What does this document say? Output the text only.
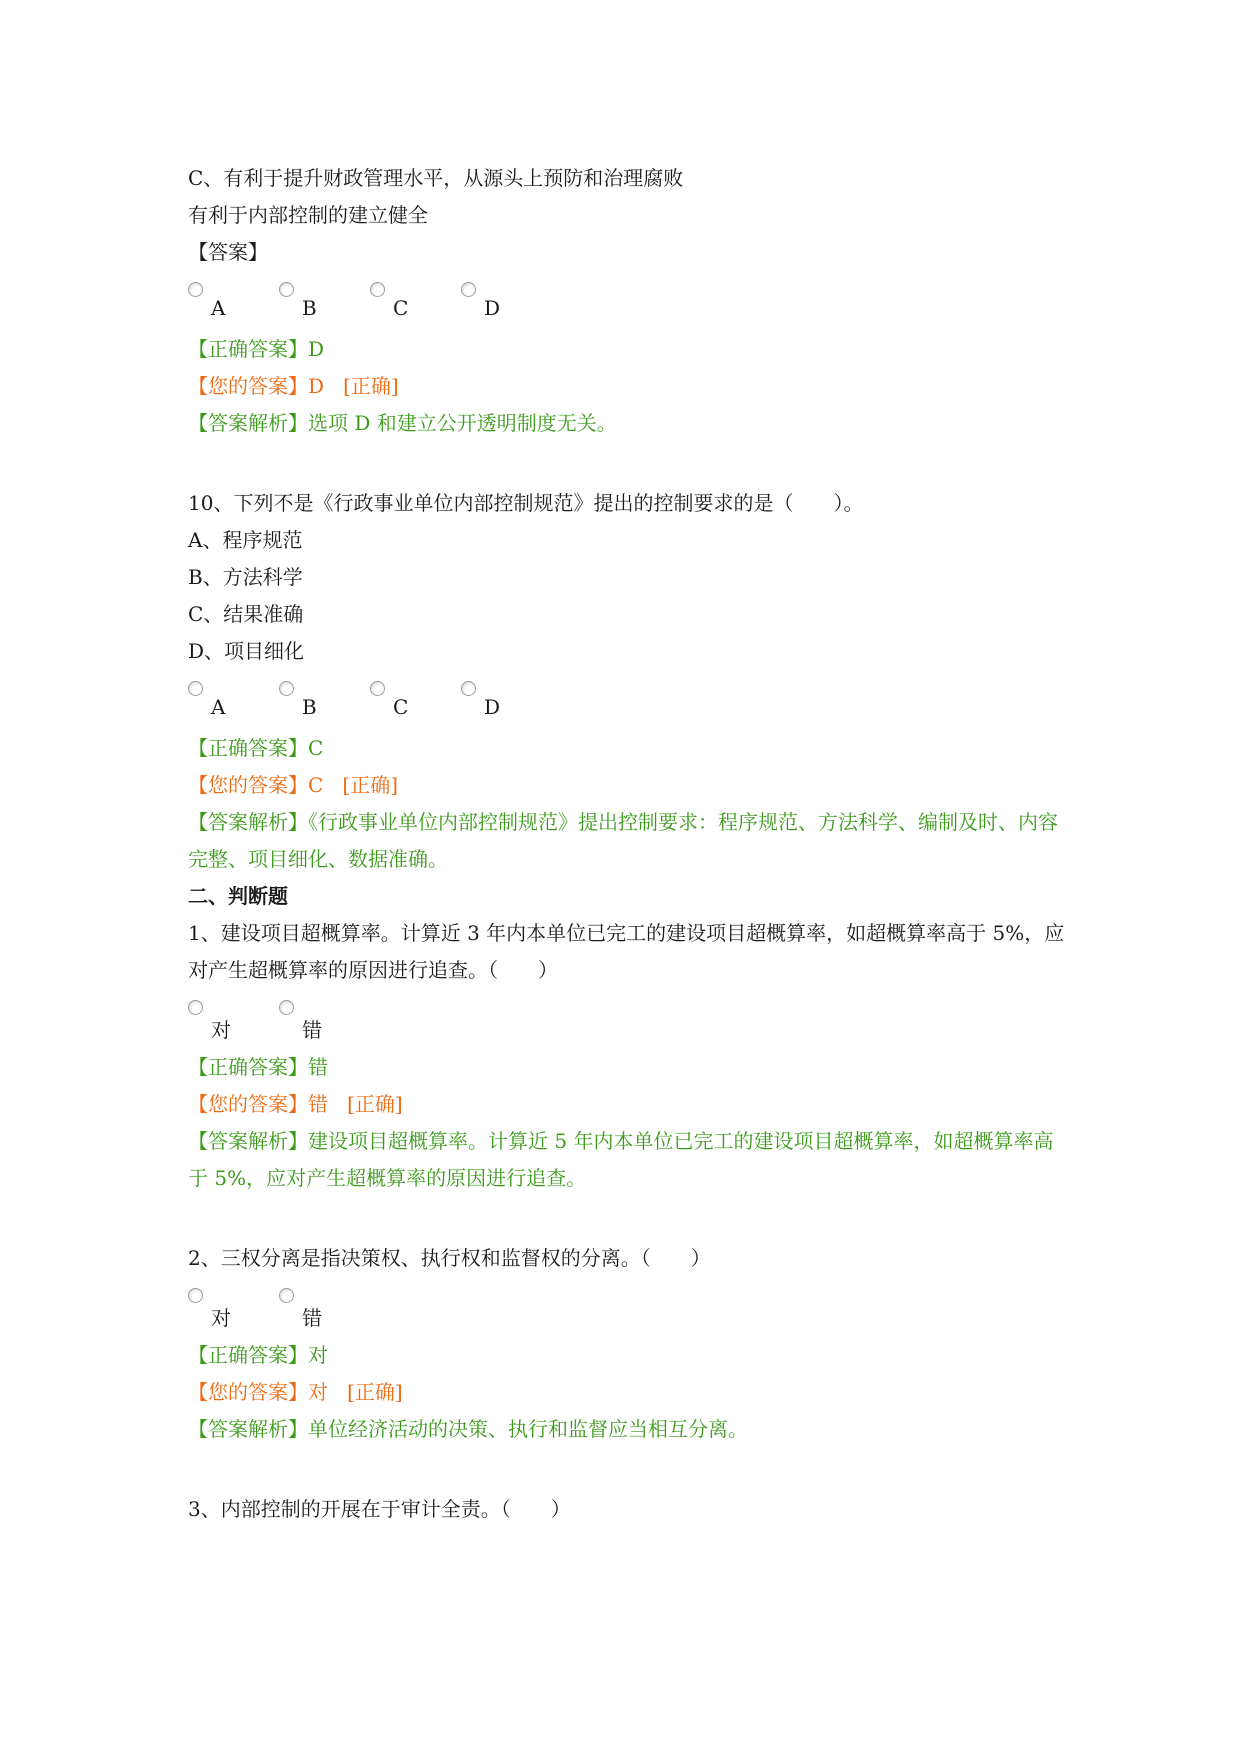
C、有利于提升财政管理水平，从源头上预防和治理腐败
有利于内部控制的建立健全
【答案】
A	B	C	D
【正确答案】D
【您的答案】D [正确]
【答案解析】选项 D 和建立公开透明制度无关。
10、下列不是《行政事业单位内部控制规范》提出的控制要求的是（　　）。
A、程序规范
B、方法科学
C、结果准确
D、项目细化
A	B	C	D
【正确答案】C
【您的答案】C [正确]
【答案解析】《行政事业单位内部控制规范》提出控制要求：程序规范、方法科学、编制及时、内容完整、项目细化、数据准确。
二、判断题
1、建设项目超概算率。计算近 3 年内本单位已完工的建设项目超概算率，如超概算率高于 5%，应对产生超概算率的原因进行追查。（　　）
对	错
【正确答案】错
【您的答案】错 [正确]
【答案解析】建设项目超概算率。计算近 5 年内本单位已完工的建设项目超概算率，如超概算率高于 5%，应对产生超概算率的原因进行追查。
2、三权分离是指决策权、执行权和监督权的分离。（　　）
对	错
【正确答案】对
【您的答案】对 [正确]
【答案解析】单位经济活动的决策、执行和监督应当相互分离。
3、内部控制的开展在于审计全责。（　　）
